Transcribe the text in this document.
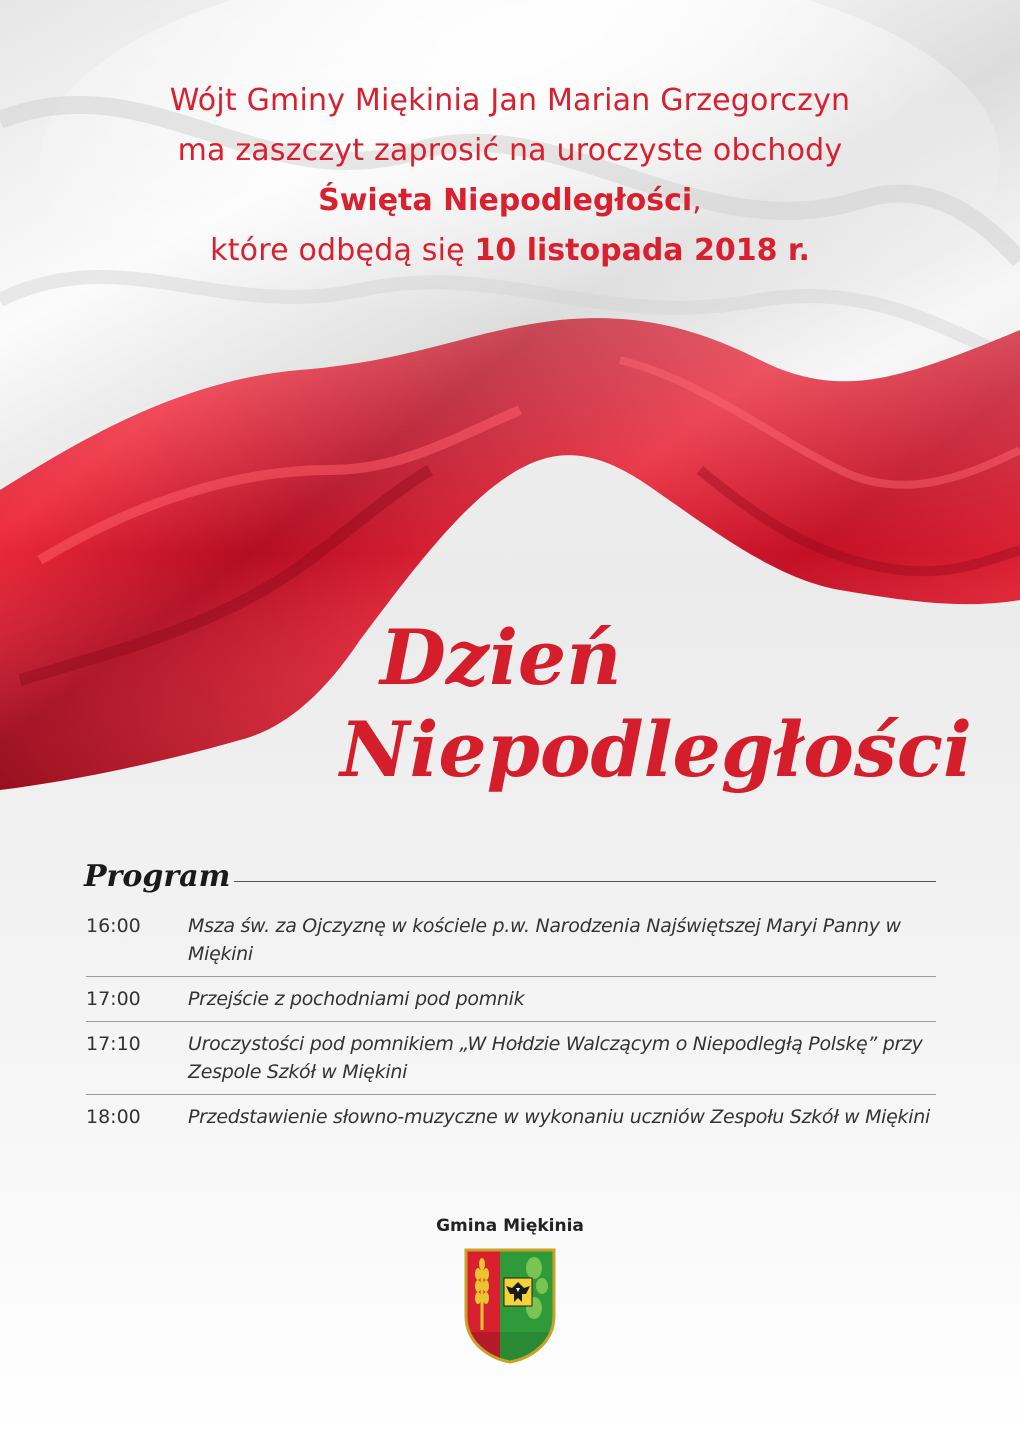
Wójt Gminy Miękinia Jan Marian Grzegorczyn
ma zaszczyt zaprosić na uroczyste obchody
Święta Niepodległości,
które odbędą się 10 listopada 2018 r.
Dzień
Niepodległości
Program
16:00	Msza św. za Ojczyznę w kościele p.w. Narodzenia Najświętszej Maryi Panny w Miękini
17:00	Przejście z pochodniami pod pomnik
17:10	Uroczystości pod pomnikiem „W Hołdzie Walczącym o Niepodległą Polskę” przy Zespole Szkół w Miękini
18:00	Przedstawienie słowno-muzyczne w wykonaniu uczniów Zespołu Szkół w Miękini
Gmina Miękinia
